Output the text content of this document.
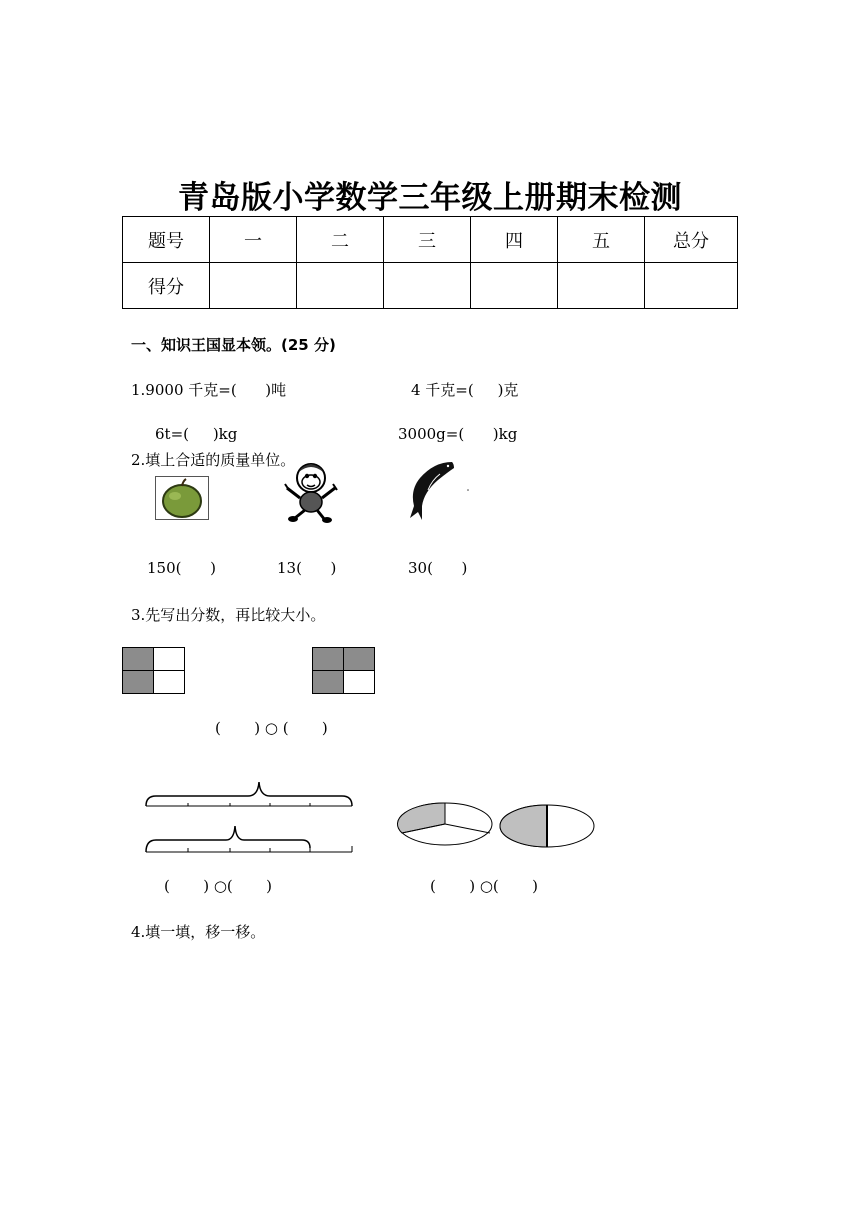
青岛版小学数学三年级上册期末检测
题号	一	二	三	四	五	总分
得分						
一、知识王国显本领。(25 分)
1.9000 千克=(      )吨	4 千克=(     )克
6t=(     )kg	3000g=(      )kg
2.填上合适的质量单位。
150(      )	13(      )	30(      )
3.先写出分数，再比较大小。
(       ) ○ (       )
(       ) ○(       )	(       ) ○(       )
4.填一填，移一移。
